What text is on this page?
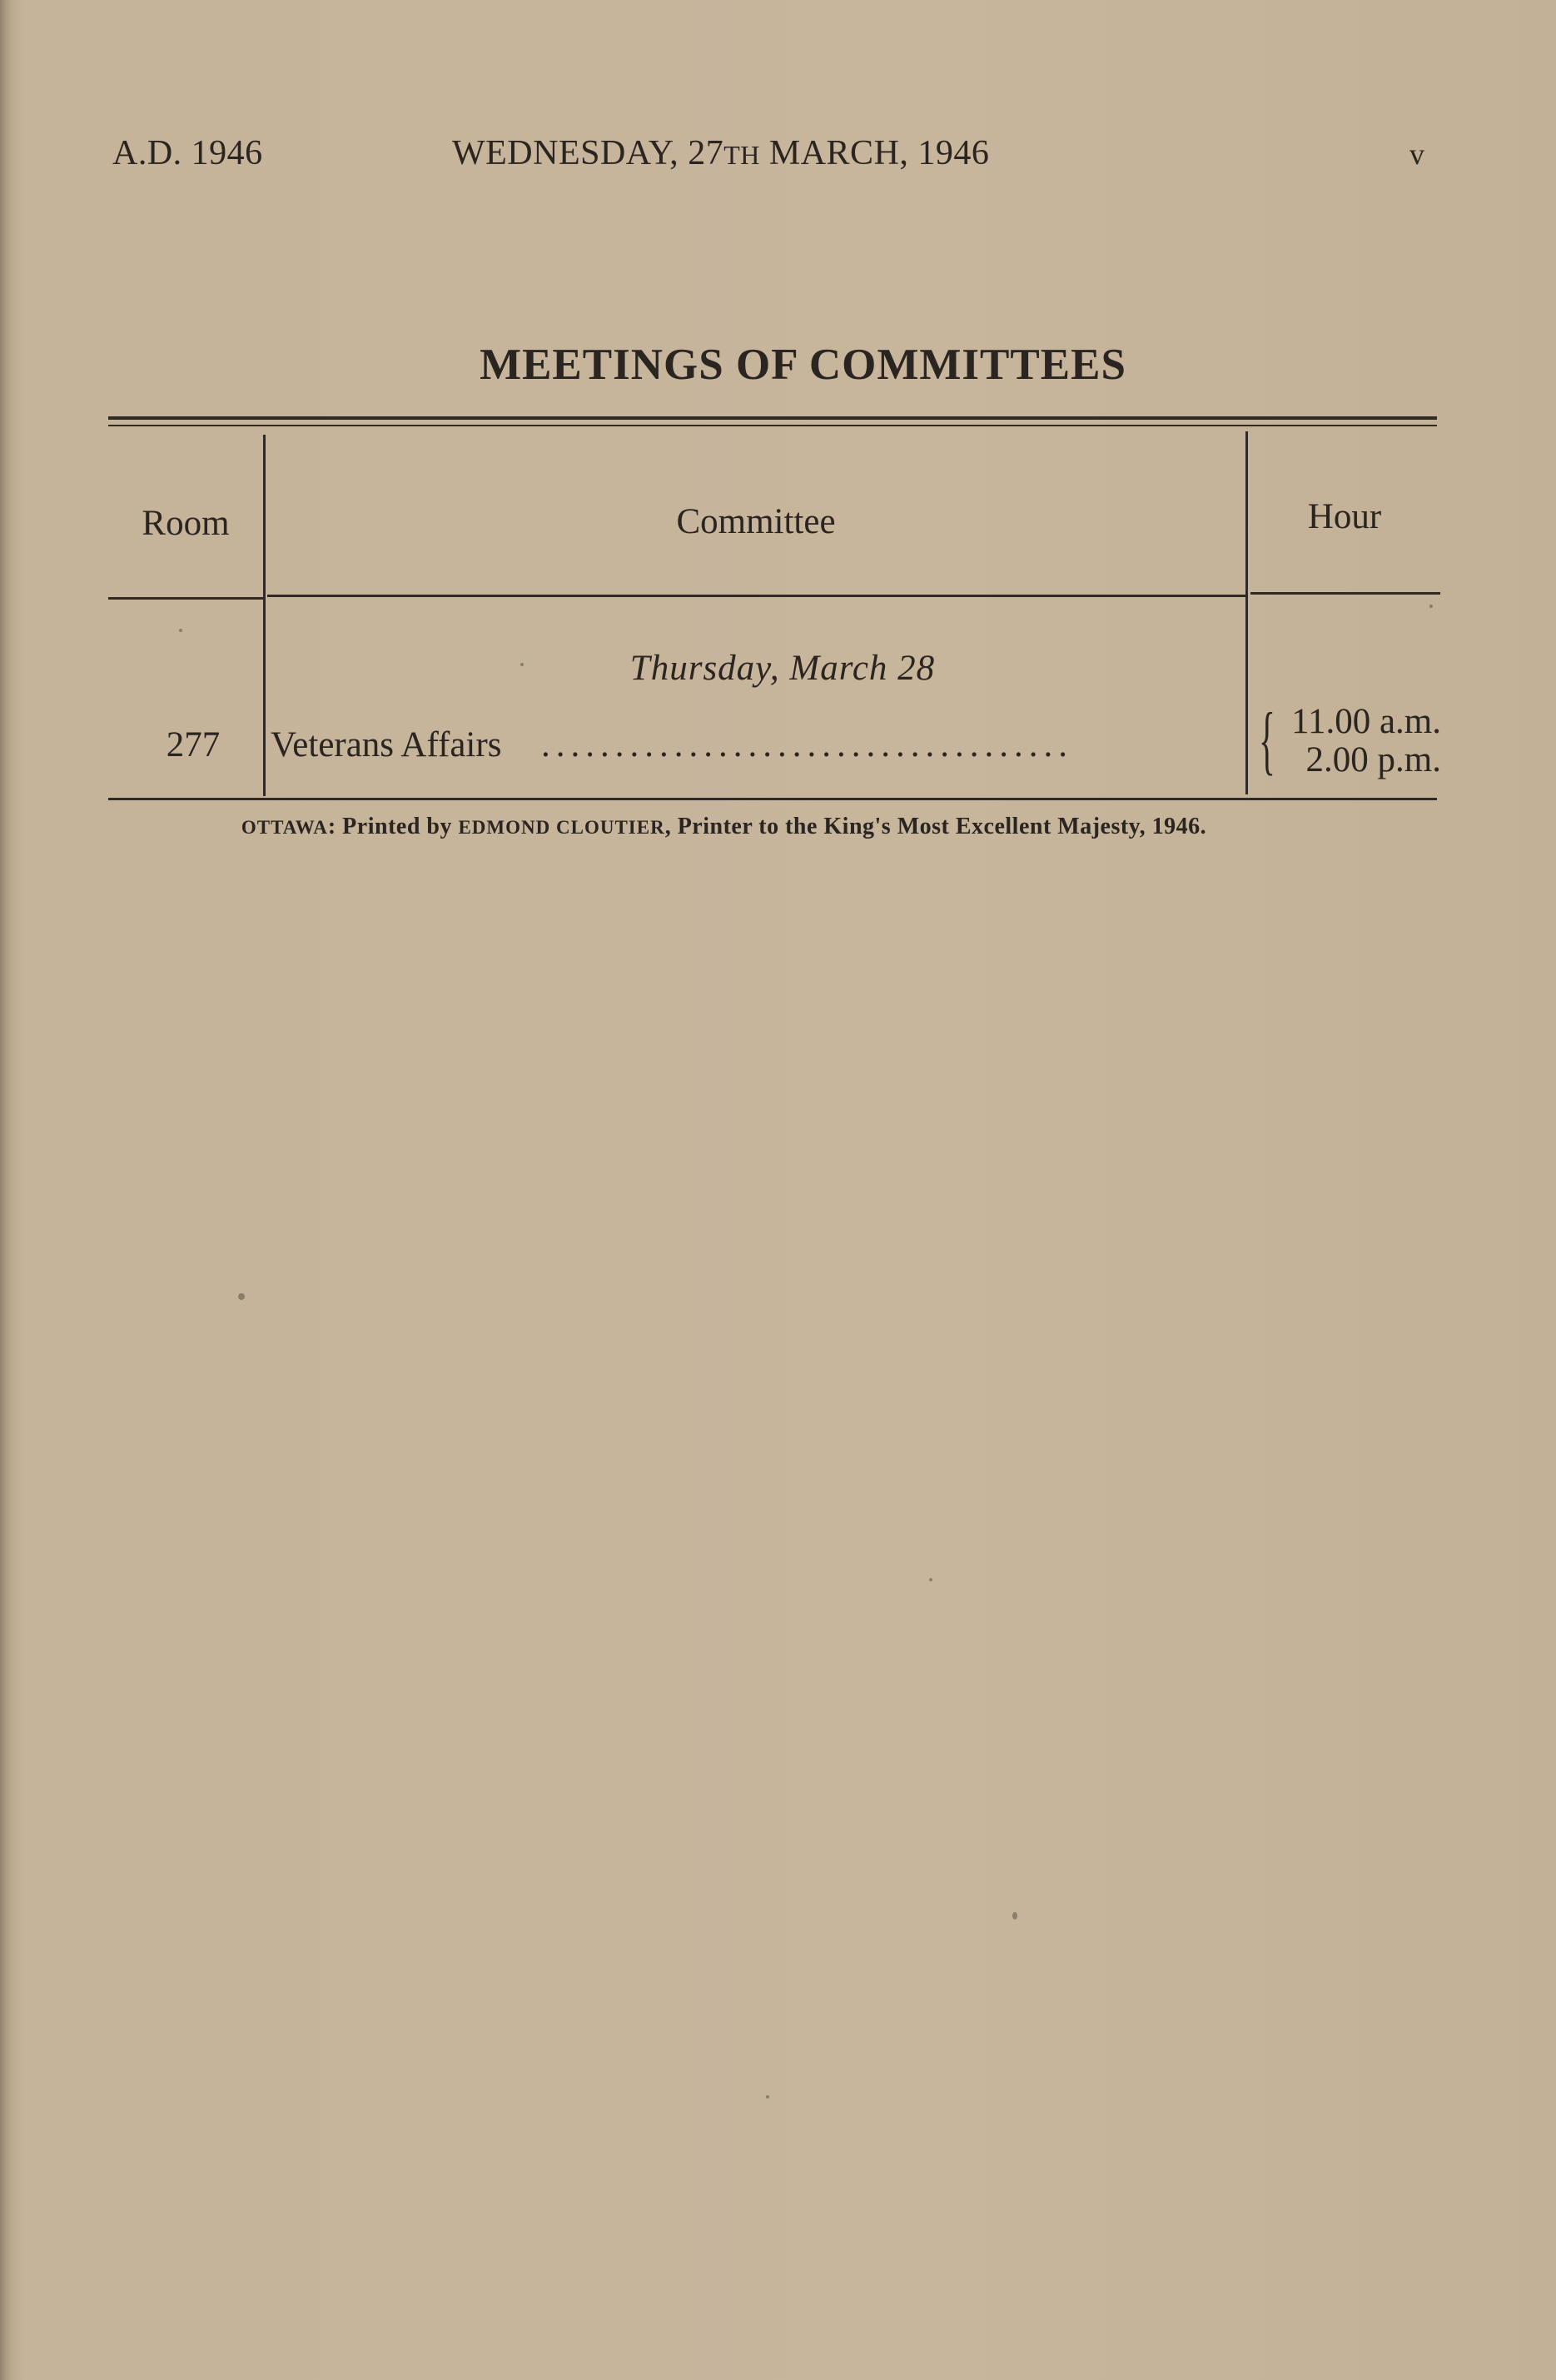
A.D. 1946	WEDNESDAY, 27TH MARCH, 1946	v
MEETINGS OF COMMITTEES
Room	Committee	Hour
Thursday, March 28
277	Veterans Affairs ....................................	{ 11.00 a.m.
2.00 p.m.
OTTAWA: Printed by EDMOND CLOUTIER, Printer to the King's Most Excellent Majesty, 1946.
